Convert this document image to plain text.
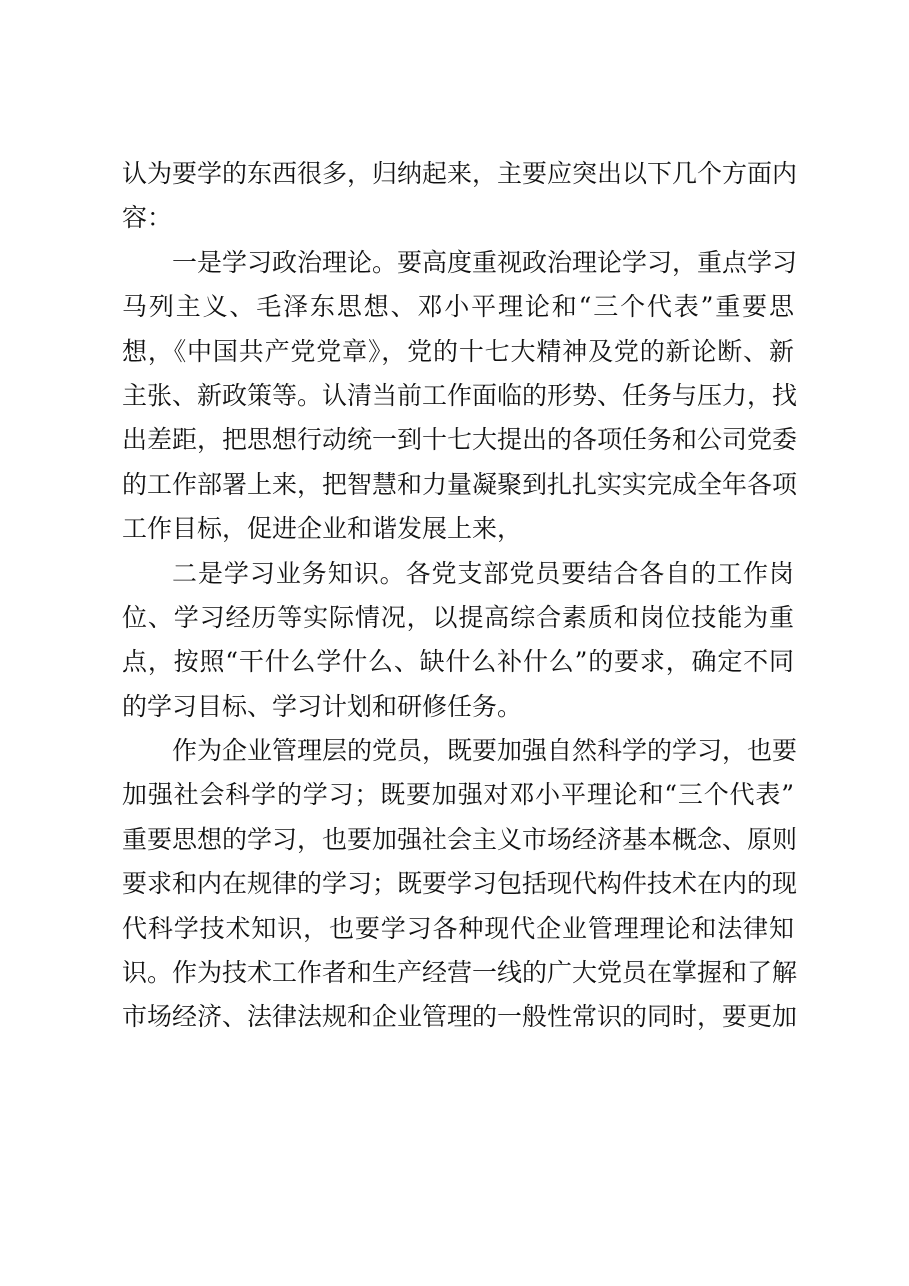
认为要学的东西很多，归纳起来，主要应突出以下几个方面内
容：
一是学习政治理论。要高度重视政治理论学习，重点学习
马列主义、毛泽东思想、邓小平理论和“三个代表”重要思
想，《中国共产党党章》，党的十七大精神及党的新论断、新
主张、新政策等。认清当前工作面临的形势、任务与压力，找
出差距，把思想行动统一到十七大提出的各项任务和公司党委
的工作部署上来，把智慧和力量凝聚到扎扎实实完成全年各项
工作目标，促进企业和谐发展上来，
二是学习业务知识。各党支部党员要结合各自的工作岗
位、学习经历等实际情况，以提高综合素质和岗位技能为重
点，按照“干什么学什么、缺什么补什么”的要求，确定不同
的学习目标、学习计划和研修任务。
作为企业管理层的党员，既要加强自然科学的学习，也要
加强社会科学的学习；既要加强对邓小平理论和“三个代表”
重要思想的学习，也要加强社会主义市场经济基本概念、原则
要求和内在规律的学习；既要学习包括现代构件技术在内的现
代科学技术知识，也要学习各种现代企业管理理论和法律知
识。作为技术工作者和生产经营一线的广大党员在掌握和了解
市场经济、法律法规和企业管理的一般性常识的同时，要更加
